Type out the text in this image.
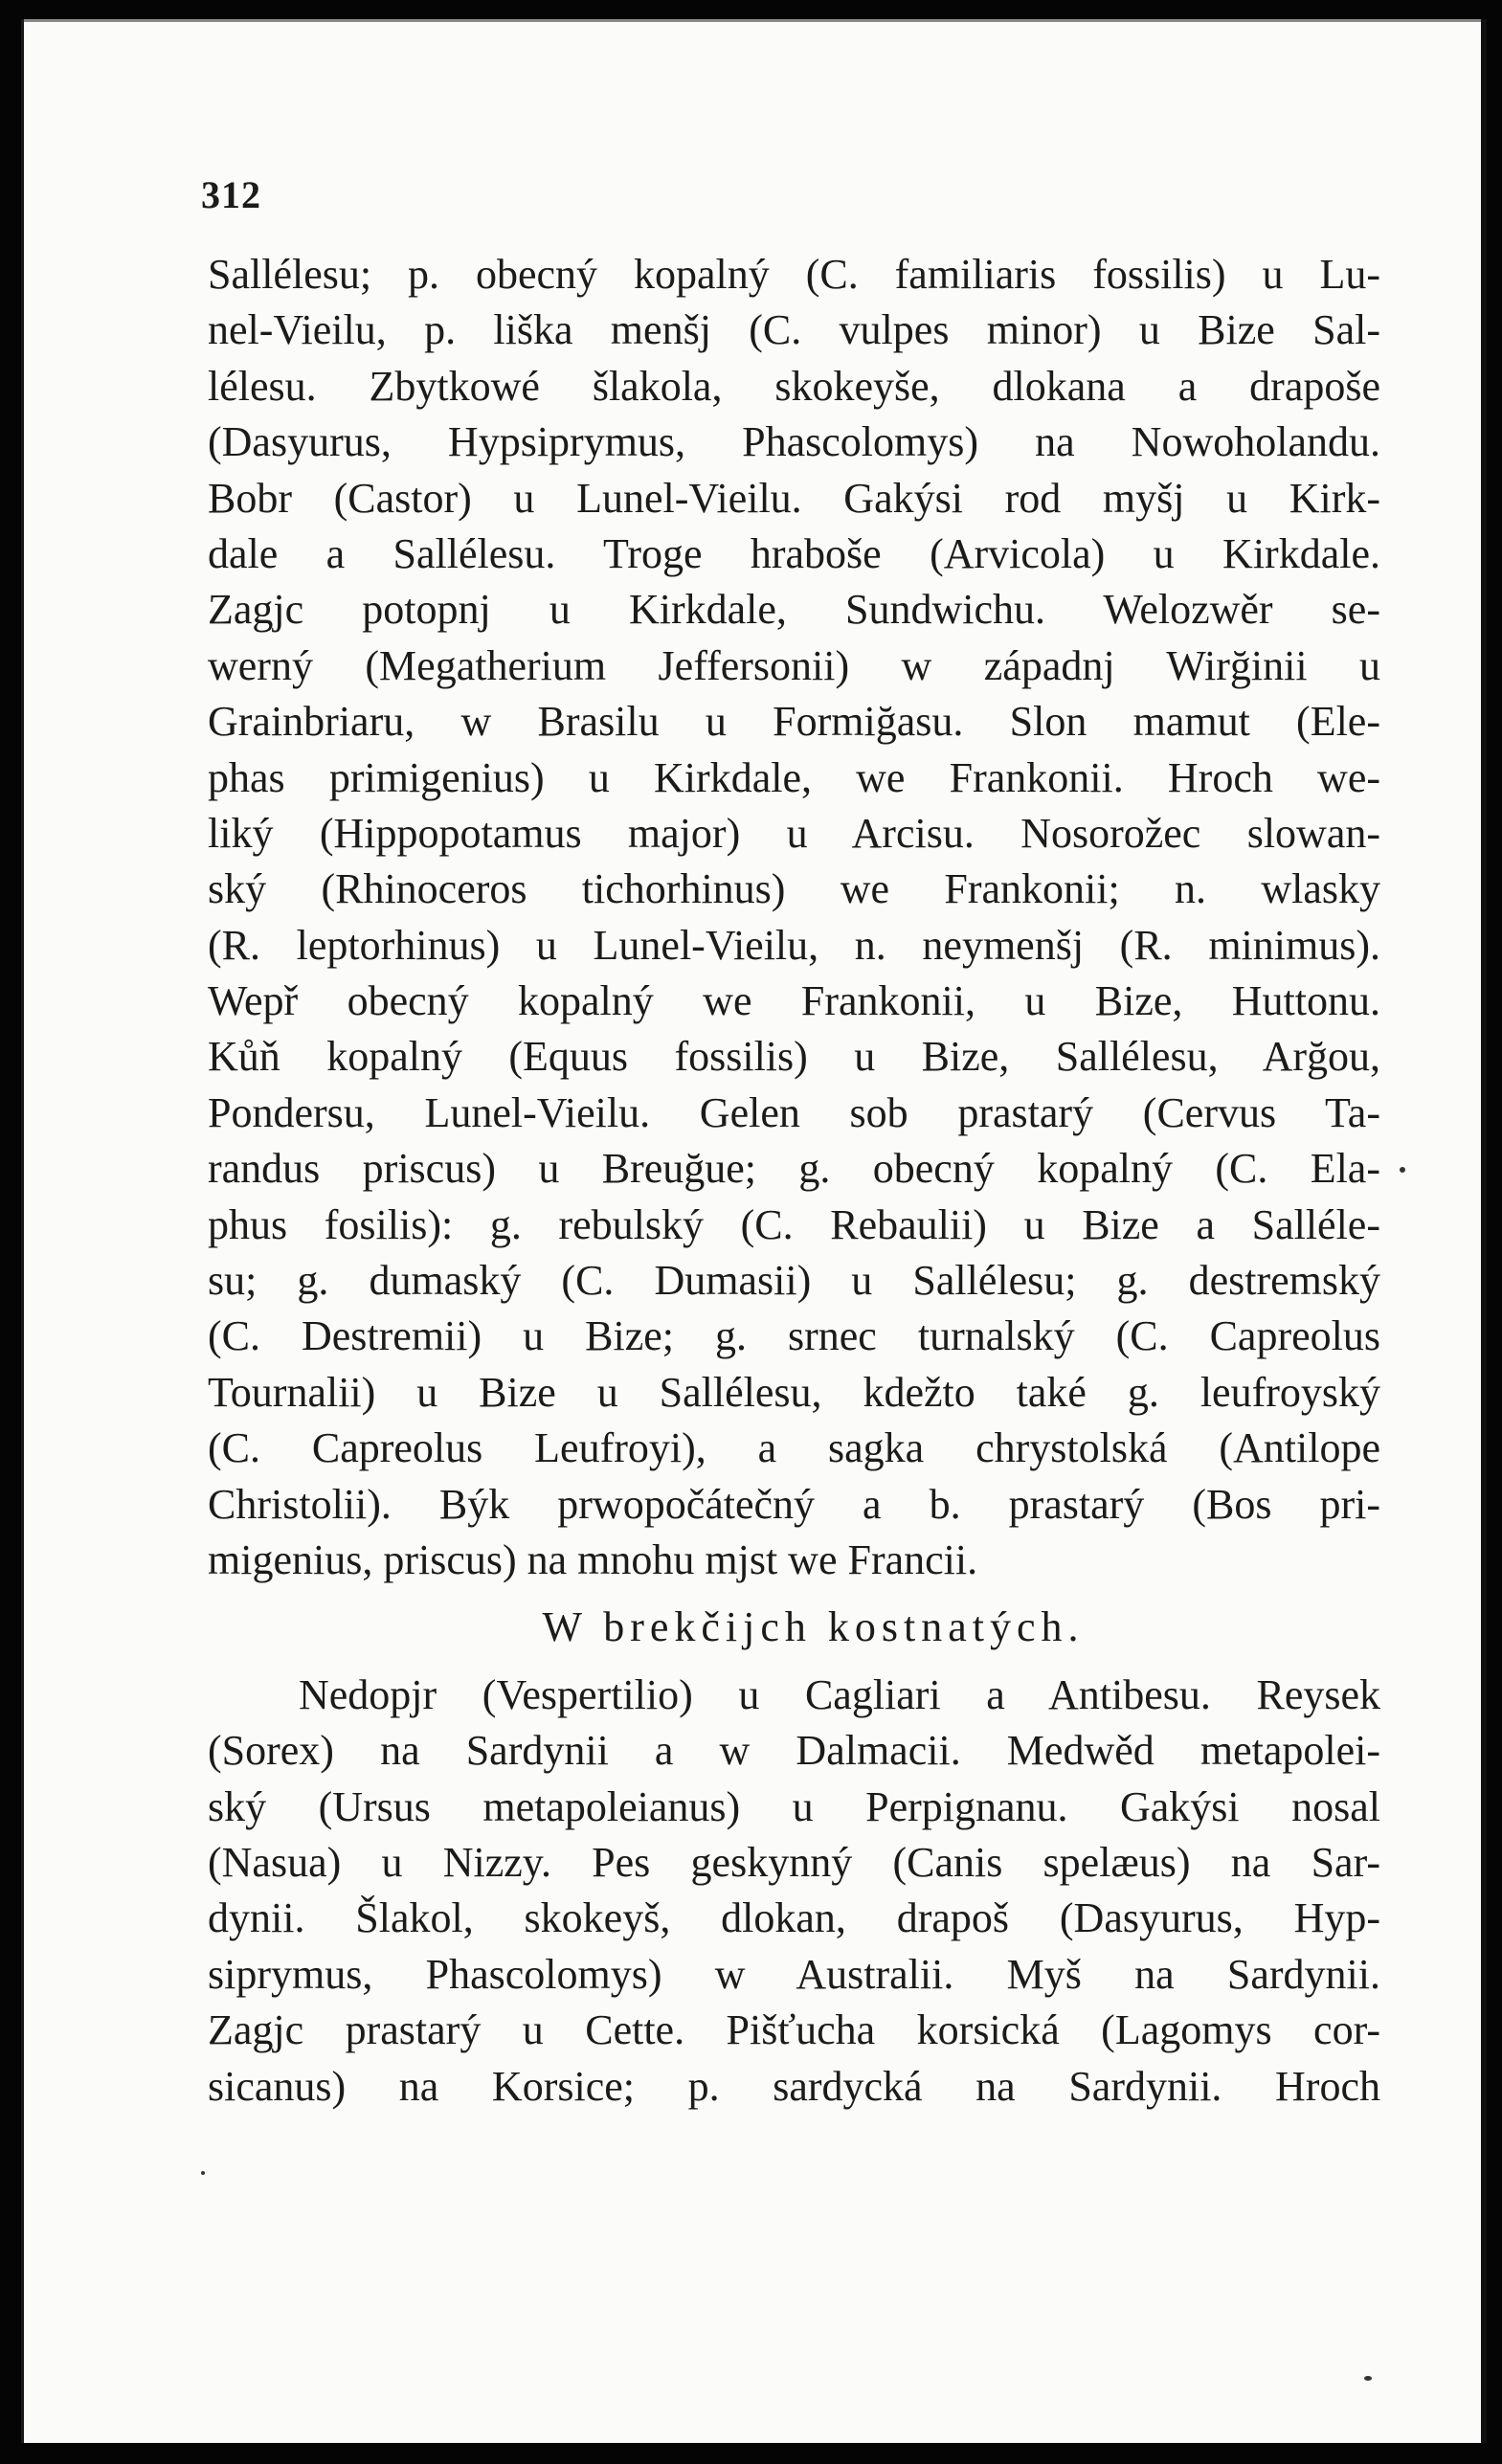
312
Sallélesu; p. obecný kopalný (C. familiaris fossilis) u Lu-
nel-Vieilu, p. liška menšj (C. vulpes minor) u Bize Sal-
lélesu. Zbytkowé šlakola, skokeyše, dlokana a drapoše
(Dasyurus, Hypsiprymus, Phascolomys) na Nowoholandu.
Bobr (Castor) u Lunel-Vieilu. Gakýsi rod myšj u Kirk-
dale a Sallélesu. Troge hraboše (Arvicola) u Kirkdale.
Zagjc potopnj u Kirkdale, Sundwichu. Welozwěr se-
werný (Megatherium Jeffersonii) w západnj Wirğinii u
Grainbriaru, w Brasilu u Formiğasu. Slon mamut (Ele-
phas primigenius) u Kirkdale, we Frankonii. Hroch we-
liký (Hippopotamus major) u Arcisu. Nosorožec slowan-
ský (Rhinoceros tichorhinus) we Frankonii; n. wlasky
(R. leptorhinus) u Lunel-Vieilu, n. neymenšj (R. minimus).
Wepř obecný kopalný we Frankonii, u Bize, Huttonu.
Kůň kopalný (Equus fossilis) u Bize, Sallélesu, Arğou,
Pondersu, Lunel-Vieilu. Gelen sob prastarý (Cervus Ta-
randus priscus) u Breuğue; g. obecný kopalný (C. Ela-
phus fosilis): g. rebulský (C. Rebaulii) u Bize a Salléle-
su; g. dumaský (C. Dumasii) u Sallélesu; g. destremský
(C. Destremii) u Bize; g. srnec turnalský (C. Capreolus
Tournalii) u Bize u Sallélesu, kdežto také g. leufroyský
(C. Capreolus Leufroyi), a sagka chrystolská (Antilope
Christolii). Býk prwopočátečný a b. prastarý (Bos pri-
migenius, priscus) na mnohu mjst we Francii.
W brekčijch kostnatých.
Nedopjr (Vespertilio) u Cagliari a Antibesu. Reysek
(Sorex) na Sardynii a w Dalmacii. Medwěd metapolei-
ský (Ursus metapoleianus) u Perpignanu. Gakýsi nosal
(Nasua) u Nizzy. Pes geskynný (Canis spelæus) na Sar-
dynii. Šlakol, skokeyš, dlokan, drapoš (Dasyurus, Hyp-
siprymus, Phascolomys) w Australii. Myš na Sardynii.
Zagjc prastarý u Cette. Pišťucha korsická (Lagomys cor-
sicanus) na Korsice; p. sardycká na Sardynii. Hroch
